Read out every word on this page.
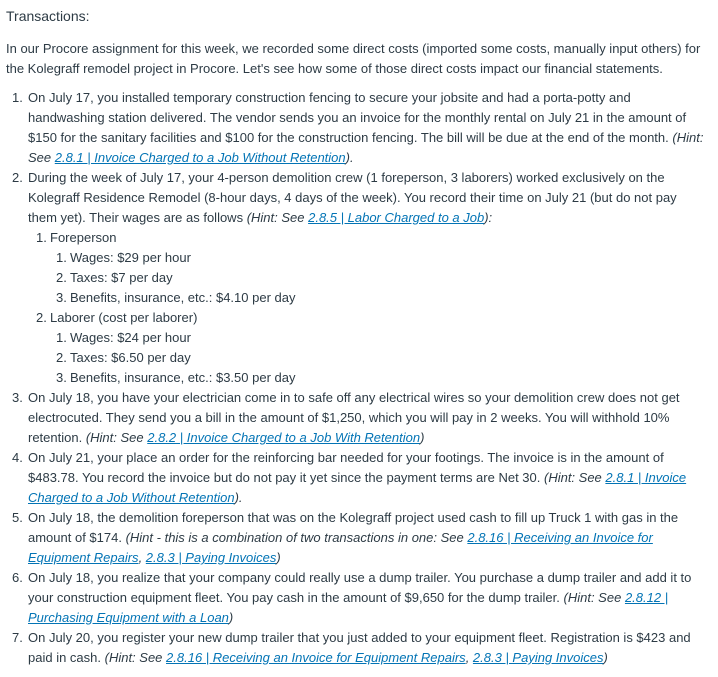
Transactions:

In our Procore assignment for this week, we recorded some direct costs (imported some costs, manually input others) for the Kolegraff remodel project in Procore. Let's see how some of those direct costs impact our financial statements.

1. On July 17, you installed temporary construction fencing to secure your jobsite and had a porta-potty and handwashing station delivered. The vendor sends you an invoice for the monthly rental on July 21 in the amount of $150 for the sanitary facilities and $100 for the construction fencing. The bill will be due at the end of the month. (Hint: See 2.8.1 | Invoice Charged to a Job Without Retention).
2. During the week of July 17, your 4-person demolition crew (1 foreperson, 3 laborers) worked exclusively on the Kolegraff Residence Remodel (8-hour days, 4 days of the week). You record their time on July 21 (but do not pay them yet). Their wages are as follows (Hint: See 2.8.5 | Labor Charged to a Job):
1. Foreperson
1. Wages: $29 per hour
2. Taxes: $7 per day
3. Benefits, insurance, etc.: $4.10 per day
2. Laborer (cost per laborer)
1. Wages: $24 per hour
2. Taxes: $6.50 per day
3. Benefits, insurance, etc.: $3.50 per day
3. On July 18, you have your electrician come in to safe off any electrical wires so your demolition crew does not get electrocuted. They send you a bill in the amount of $1,250, which you will pay in 2 weeks. You will withhold 10% retention. (Hint: See 2.8.2 | Invoice Charged to a Job With Retention)
4. On July 21, your place an order for the reinforcing bar needed for your footings. The invoice is in the amount of $483.78. You record the invoice but do not pay it yet since the payment terms are Net 30. (Hint: See 2.8.1 | Invoice Charged to a Job Without Retention).
5. On July 18, the demolition foreperson that was on the Kolegraff project used cash to fill up Truck 1 with gas in the amount of $174. (Hint - this is a combination of two transactions in one: See 2.8.16 | Receiving an Invoice for Equipment Repairs, 2.8.3 | Paying Invoices)
6. On July 18, you realize that your company could really use a dump trailer. You purchase a dump trailer and add it to your construction equipment fleet. You pay cash in the amount of $9,650 for the dump trailer. (Hint: See 2.8.12 | Purchasing Equipment with a Loan)
7. On July 20, you register your new dump trailer that you just added to your equipment fleet. Registration is $423 and paid in cash. (Hint: See 2.8.16 | Receiving an Invoice for Equipment Repairs, 2.8.3 | Paying Invoices)
